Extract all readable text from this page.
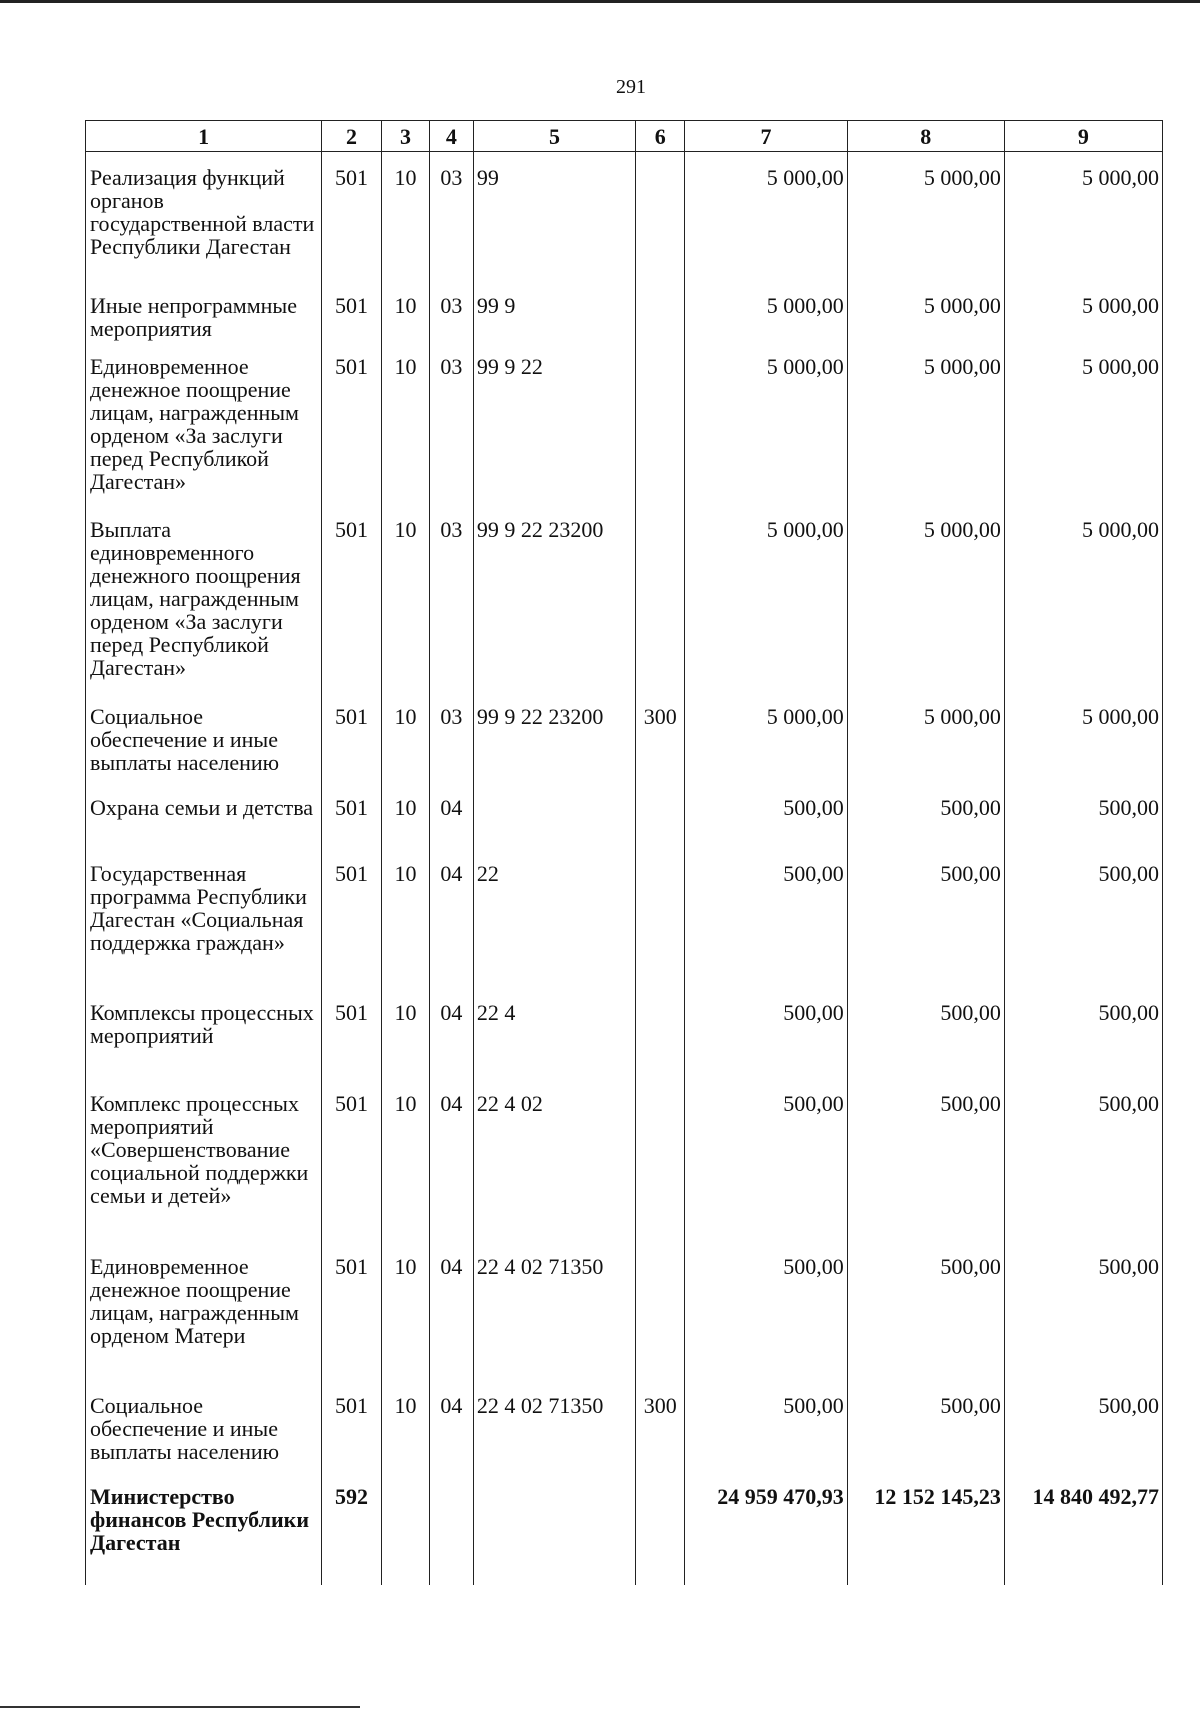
291
1	2	3	4	5	6	7	8	9
Реализация функций органов государственной власти Республики Дагестан	501	10	03	99		5 000,00	5 000,00	5 000,00
Иные непрограммные мероприятия	501	10	03	99 9		5 000,00	5 000,00	5 000,00
Единовременное денежное поощрение лицам, награжденным орденом «За заслуги перед Республикой Дагестан»	501	10	03	99 9 22		5 000,00	5 000,00	5 000,00
Выплата единовременного денежного поощрения лицам, награжденным орденом «За заслуги перед Республикой Дагестан»	501	10	03	99 9 22 23200		5 000,00	5 000,00	5 000,00
Социальное обеспечение и иные выплаты населению	501	10	03	99 9 22 23200	300	5 000,00	5 000,00	5 000,00
Охрана семьи и детства	501	10	04			500,00	500,00	500,00
Государственная программа Республики Дагестан «Социальная поддержка граждан»	501	10	04	22		500,00	500,00	500,00
Комплексы процессных мероприятий	501	10	04	22 4		500,00	500,00	500,00
Комплекс процессных мероприятий «Совершенствование социальной поддержки семьи и детей»	501	10	04	22 4 02		500,00	500,00	500,00
Единовременное денежное поощрение лицам, награжденным орденом Матери	501	10	04	22 4 02 71350		500,00	500,00	500,00
Социальное обеспечение и иные выплаты населению	501	10	04	22 4 02 71350	300	500,00	500,00	500,00
Министерство финансов Республики Дагестан	592					24 959 470,93	12 152 145,23	14 840 492,77
